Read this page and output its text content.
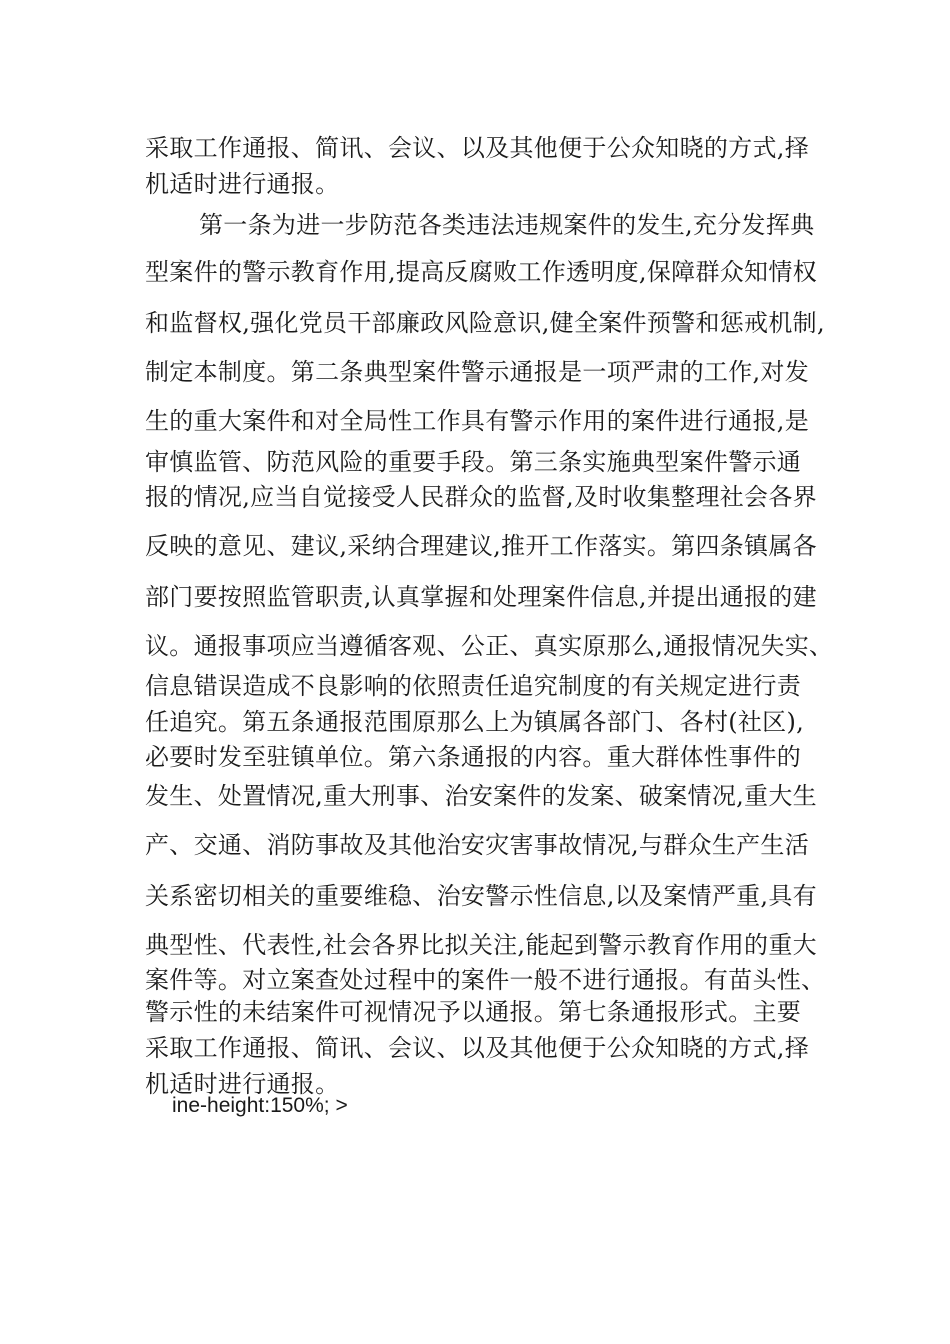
采取工作通报、简讯、会议、以及其他便于公众知晓的方式,择

机适时进行通报。

第一条为进一步防范各类违法违规案件的发生,充分发挥典

型案件的警示教育作用,提高反腐败工作透明度,保障群众知情权

和监督权,强化党员干部廉政风险意识,健全案件预警和惩戒机制,

制定本制度。第二条典型案件警示通报是一项严肃的工作,对发

生的重大案件和对全局性工作具有警示作用的案件进行通报,是

审慎监管、防范风险的重要手段。第三条实施典型案件警示通

报的情况,应当自觉接受人民群众的监督,及时收集整理社会各界

反映的意见、建议,采纳合理建议,推开工作落实。第四条镇属各

部门要按照监管职责,认真掌握和处理案件信息,并提出通报的建

议。通报事项应当遵循客观、公正、真实原那么,通报情况失实、

信息错误造成不良影响的依照责任追究制度的有关规定进行责

任追究。第五条通报范围原那么上为镇属各部门、各村(社区),

必要时发至驻镇单位。第六条通报的内容。重大群体性事件的

发生、处置情况,重大刑事、治安案件的发案、破案情况,重大生

产、交通、消防事故及其他治安灾害事故情况,与群众生产生活

关系密切相关的重要维稳、治安警示性信息,以及案情严重,具有

典型性、代表性,社会各界比拟关注,能起到警示教育作用的重大

案件等。对立案查处过程中的案件一般不进行通报。有苗头性、

警示性的未结案件可视情况予以通报。第七条通报形式。主要

采取工作通报、简讯、会议、以及其他便于公众知晓的方式,择

机适时进行通报。

ine-height:150%; >
